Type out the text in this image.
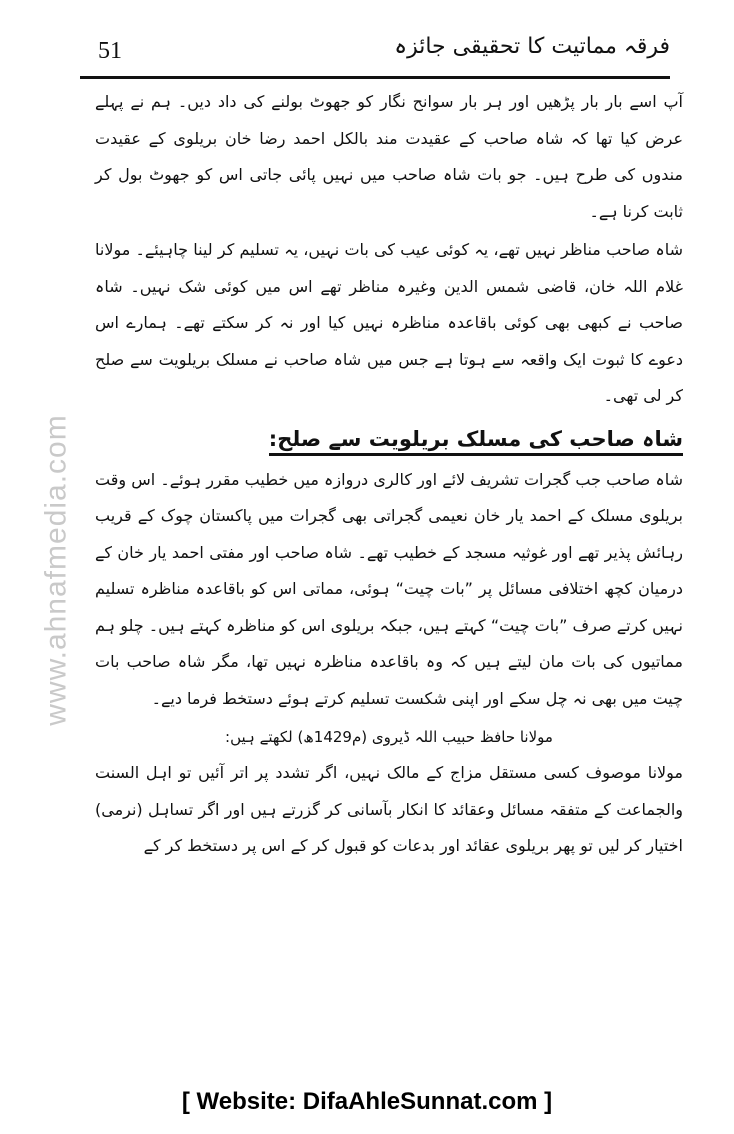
51	فرقہ مماتیت کا تحقیقی جائزہ
www.ahnafmedia.com

آپ اسے بار بار پڑھیں اور ہر بار سوانح نگار کو جھوٹ بولنے کی داد دیں۔ ہم نے پہلے عرض کیا تھا کہ شاہ صاحب کے عقیدت مند بالکل احمد رضا خان بریلوی کے عقیدت مندوں کی طرح ہیں۔ جو بات شاہ صاحب میں نہیں پائی جاتی اس کو جھوٹ بول کر ثابت کرنا ہے۔

شاہ صاحب مناظر نہیں تھے، یہ کوئی عیب کی بات نہیں، یہ تسلیم کر لینا چاہیئے۔ مولانا غلام اللہ خان، قاضی شمس الدین وغیرہ مناظر تھے اس میں کوئی شک نہیں۔ شاہ صاحب نے کبھی بھی کوئی باقاعدہ مناظرہ نہیں کیا اور نہ کر سکتے تھے۔ ہمارے اس دعوے کا ثبوت ایک واقعہ سے ہوتا ہے جس میں شاہ صاحب نے مسلک بریلویت سے صلح کر لی تھی۔

شاہ صاحب کی مسلک بریلویت سے صلح:

شاہ صاحب جب گجرات تشریف لائے اور کالری دروازہ میں خطیب مقرر ہوئے۔ اس وقت بریلوی مسلک کے احمد یار خان نعیمی گجراتی بھی گجرات میں پاکستان چوک کے قریب رہائش پذیر تھے اور غوثیہ مسجد کے خطیب تھے۔ شاہ صاحب اور مفتی احمد یار خان کے درمیان کچھ اختلافی مسائل پر ”بات چیت“ ہوئی، مماتی اس کو باقاعدہ مناظرہ تسلیم نہیں کرتے صرف ”بات چیت“ کہتے ہیں، جبکہ بریلوی اس کو مناظرہ کہتے ہیں۔ چلو ہم مماتیوں کی بات مان لیتے ہیں کہ وہ باقاعدہ مناظرہ نہیں تھا، مگر شاہ صاحب بات چیت میں بھی نہ چل سکے اور اپنی شکست تسلیم کرتے ہوئے دستخط فرما دیے۔

مولانا حافظ حبیب اللہ ڈیروی (م1429ھ) لکھتے ہیں:

مولانا موصوف کسی مستقل مزاج کے مالک نہیں، اگر تشدد پر اتر آئیں تو اہل السنت والجماعت کے متفقہ مسائل وعقائد کا انکار بآسانی کر گزرتے ہیں اور اگر تساہل (نرمی) اختیار کر لیں تو پھر بریلوی عقائد اور بدعات کو قبول کر کے اس پر دستخط کر کے

[ Website: DifaAhleSunnat.com ]
